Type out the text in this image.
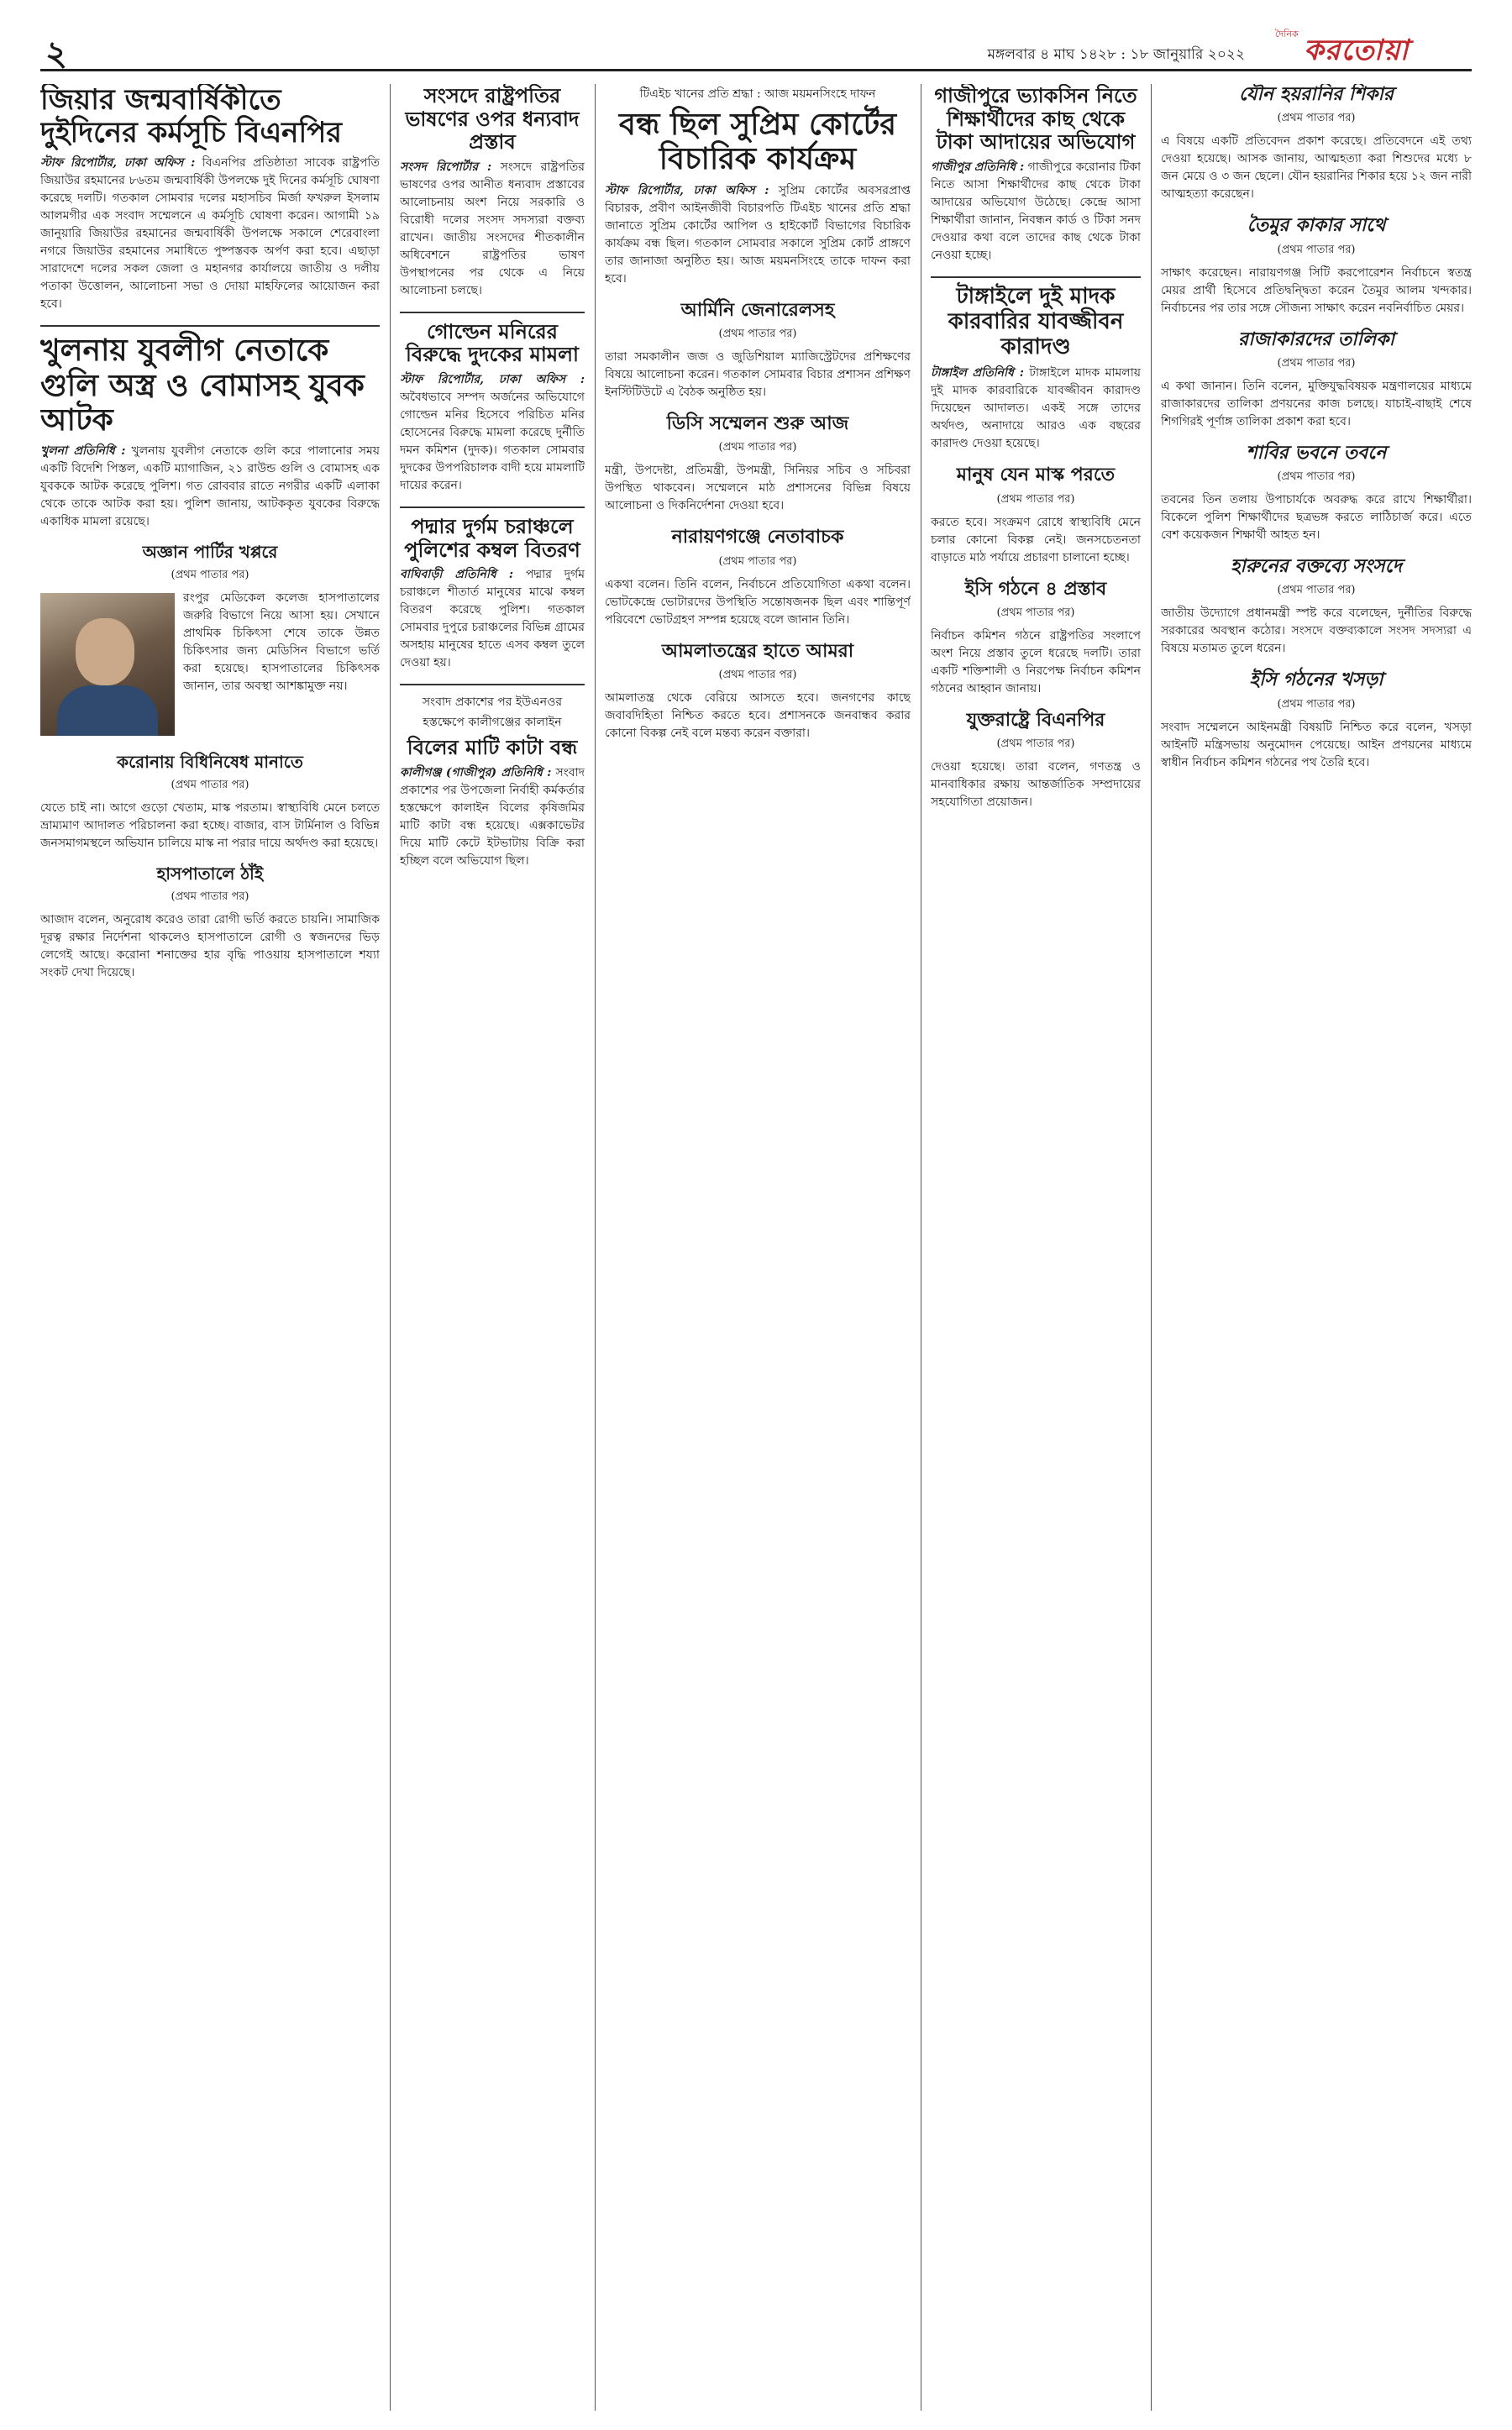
২	মঙ্গলবার ৪ মাঘ ১৪২৮ : ১৮ জানুয়ারি ২০২২
দৈনিক করতোয়া
জিয়ার জন্মবার্ষিকীতে দুইদিনের কর্মসূচি বিএনপির

স্টাফ রিপোর্টার, ঢাকা অফিস : বিএনপির প্রতিষ্ঠাতা সাবেক রাষ্ট্রপতি জিয়াউর রহমানের ৮৬তম জন্মবার্ষিকী উপলক্ষে দুই দিনের কর্মসূচি ঘোষণা করেছে দলটি। গতকাল সোমবার দলের মহাসচিব মির্জা ফখরুল ইসলাম আলমগীর এক সংবাদ সম্মেলনে এ কর্মসূচি ঘোষণা করেন। আগামী ১৯ জানুয়ারি জিয়াউর রহমানের জন্মবার্ষিকী উপলক্ষে সকালে শেরেবাংলা নগরে জিয়াউর রহমানের সমাধিতে পুষ্পস্তবক অর্পণ করা হবে। এছাড়া সারাদেশে দলের সকল জেলা ও মহানগর কার্যালয়ে জাতীয় ও দলীয় পতাকা উত্তোলন, আলোচনা সভা ও দোয়া মাহফিলের আয়োজন করা হবে।

খুলনায় যুবলীগ নেতাকে গুলি অস্ত্র ও বোমাসহ যুবক আটক

খুলনা প্রতিনিধি : খুলনায় যুবলীগ নেতাকে গুলি করে পালানোর সময় একটি বিদেশি পিস্তল, একটি ম্যাগাজিন, ২১ রাউন্ড গুলি ও বোমাসহ এক যুবককে আটক করেছে পুলিশ। গত রোববার রাতে নগরীর একটি এলাকা থেকে তাকে আটক করা হয়। পুলিশ জানায়, আটককৃত যুবকের বিরুদ্ধে একাধিক মামলা রয়েছে।

অজ্ঞান পার্টির খপ্পরে
(প্রথম পাতার পর)

রংপুর মেডিকেল কলেজ হাসপাতালের জরুরি বিভাগে নিয়ে আসা হয়। সেখানে প্রাথমিক চিকিৎসা শেষে তাকে উন্নত চিকিৎসার জন্য মেডিসিন বিভাগে ভর্তি করা হয়েছে। হাসপাতালের চিকিৎসক জানান, তার অবস্থা আশঙ্কামুক্ত নয়।

করোনায় বিধিনিষেধ মানাতে
(প্রথম পাতার পর)

যেতে চাই না। আগে গুড়ো খেতাম, মাস্ক পরতাম। স্বাস্থ্যবিধি মেনে চলতে ভ্রাম্যমাণ আদালত পরিচালনা করা হচ্ছে। বাজার, বাস টার্মিনাল ও বিভিন্ন জনসমাগমস্থলে অভিযান চালিয়ে মাস্ক না পরার দায়ে অর্থদণ্ড করা হয়েছে।

হাসপাতালে ঠাঁই
(প্রথম পাতার পর)

আজাদ বলেন, অনুরোধ করেও তারা রোগী ভর্তি করতে চায়নি। সামাজিক দূরত্ব রক্ষার নির্দেশনা থাকলেও হাসপাতালে রোগী ও স্বজনদের ভিড় লেগেই আছে। করোনা শনাক্তের হার বৃদ্ধি পাওয়ায় হাসপাতালে শয্যা সংকট দেখা দিয়েছে।

সংসদে রাষ্ট্রপতির ভাষণের ওপর ধন্যবাদ প্রস্তাব

সংসদ রিপোর্টার : সংসদে রাষ্ট্রপতির ভাষণের ওপর আনীত ধন্যবাদ প্রস্তাবের আলোচনায় অংশ নিয়ে সরকারি ও বিরোধী দলের সংসদ সদস্যরা বক্তব্য রাখেন। জাতীয় সংসদের শীতকালীন অধিবেশনে রাষ্ট্রপতির ভাষণ উপস্থাপনের পর থেকে এ নিয়ে আলোচনা চলছে।

গোল্ডেন মনিরের বিরুদ্ধে দুদকের মামলা

স্টাফ রিপোর্টার, ঢাকা অফিস : অবৈধভাবে সম্পদ অর্জনের অভিযোগে গোল্ডেন মনির হিসেবে পরিচিত মনির হোসেনের বিরুদ্ধে মামলা করেছে দুর্নীতি দমন কমিশন (দুদক)। গতকাল সোমবার দুদকের উপপরিচালক বাদী হয়ে মামলাটি দায়ের করেন।

পদ্মার দুর্গম চরাঞ্চলে পুলিশের কম্বল বিতরণ

বাঘিবাড়ী প্রতিনিধি : পদ্মার দুর্গম চরাঞ্চলে শীতার্ত মানুষের মাঝে কম্বল বিতরণ করেছে পুলিশ। গতকাল সোমবার দুপুরে চরাঞ্চলের বিভিন্ন গ্রামের অসহায় মানুষের হাতে এসব কম্বল তুলে দেওয়া হয়।

সংবাদ প্রকাশের পর ইউএনওর হস্তক্ষেপে কালীগঞ্জের কালাইন
বিলের মাটি কাটা বন্ধ

কালীগঞ্জ (গাজীপুর) প্রতিনিধি : সংবাদ প্রকাশের পর উপজেলা নির্বাহী কর্মকর্তার হস্তক্ষেপে কালাইন বিলের কৃষিজমির মাটি কাটা বন্ধ হয়েছে। এক্সকাভেটর দিয়ে মাটি কেটে ইটভাটায় বিক্রি করা হচ্ছিল বলে অভিযোগ ছিল।

টিএইচ খানের প্রতি শ্রদ্ধা : আজ ময়মনসিংহে দাফন
বন্ধ ছিল সুপ্রিম কোর্টের বিচারিক কার্যক্রম

স্টাফ রিপোর্টার, ঢাকা অফিস : সুপ্রিম কোর্টের অবসরপ্রাপ্ত বিচারক, প্রবীণ আইনজীবী বিচারপতি টিএইচ খানের প্রতি শ্রদ্ধা জানাতে সুপ্রিম কোর্টের আপিল ও হাইকোর্ট বিভাগের বিচারিক কার্যক্রম বন্ধ ছিল। গতকাল সোমবার সকালে সুপ্রিম কোর্ট প্রাঙ্গণে তার জানাজা অনুষ্ঠিত হয়। আজ ময়মনসিংহে তাকে দাফন করা হবে।

আর্মিনি জেনারেলসহ
(প্রথম পাতার পর)

তারা সমকালীন জজ ও জুডিশিয়াল ম্যাজিস্ট্রেটদের প্রশিক্ষণের বিষয়ে আলোচনা করেন। গতকাল সোমবার বিচার প্রশাসন প্রশিক্ষণ ইনস্টিটিউটে এ বৈঠক অনুষ্ঠিত হয়।

ডিসি সম্মেলন শুরু আজ
(প্রথম পাতার পর)

মন্ত্রী, উপদেষ্টা, প্রতিমন্ত্রী, উপমন্ত্রী, সিনিয়র সচিব ও সচিবরা উপস্থিত থাকবেন। সম্মেলনে মাঠ প্রশাসনের বিভিন্ন বিষয়ে আলোচনা ও দিকনির্দেশনা দেওয়া হবে।

নারায়ণগঞ্জে নেতাবাচক
(প্রথম পাতার পর)

একথা বলেন। তিনি বলেন, নির্বাচনে প্রতিযোগিতা একথা বলেন। ভোটকেন্দ্রে ভোটারদের উপস্থিতি সন্তোষজনক ছিল এবং শান্তিপূর্ণ পরিবেশে ভোটগ্রহণ সম্পন্ন হয়েছে বলে জানান তিনি।

আমলাতন্ত্রের হাতে আমরা
(প্রথম পাতার পর)

আমলাতন্ত্র থেকে বেরিয়ে আসতে হবে। জনগণের কাছে জবাবদিহিতা নিশ্চিত করতে হবে। প্রশাসনকে জনবান্ধব করার কোনো বিকল্প নেই বলে মন্তব্য করেন বক্তারা।

গাজীপুরে ভ্যাকসিন নিতে শিক্ষার্থীদের কাছ থেকে টাকা আদায়ের অভিযোগ

গাজীপুর প্রতিনিধি : গাজীপুরে করোনার টিকা নিতে আসা শিক্ষার্থীদের কাছ থেকে টাকা আদায়ের অভিযোগ উঠেছে। কেন্দ্রে আসা শিক্ষার্থীরা জানান, নিবন্ধন কার্ড ও টিকা সনদ দেওয়ার কথা বলে তাদের কাছ থেকে টাকা নেওয়া হচ্ছে।

টাঙ্গাইলে দুই মাদক কারবারির যাবজ্জীবন কারাদণ্ড

টাঙ্গাইল প্রতিনিধি : টাঙ্গাইলে মাদক মামলায় দুই মাদক কারবারিকে যাবজ্জীবন কারাদণ্ড দিয়েছেন আদালত। একই সঙ্গে তাদের অর্থদণ্ড, অনাদায়ে আরও এক বছরের কারাদণ্ড দেওয়া হয়েছে।

মানুষ যেন মাস্ক পরতে
(প্রথম পাতার পর)

করতে হবে। সংক্রমণ রোধে স্বাস্থ্যবিধি মেনে চলার কোনো বিকল্প নেই। জনসচেতনতা বাড়াতে মাঠ পর্যায়ে প্রচারণা চালানো হচ্ছে।

ইসি গঠনে ৪ প্রস্তাব
(প্রথম পাতার পর)

নির্বাচন কমিশন গঠনে রাষ্ট্রপতির সংলাপে অংশ নিয়ে প্রস্তাব তুলে ধরেছে দলটি। তারা একটি শক্তিশালী ও নিরপেক্ষ নির্বাচন কমিশন গঠনের আহ্বান জানায়।

যুক্তরাষ্ট্রে বিএনপির
(প্রথম পাতার পর)

দেওয়া হয়েছে। তারা বলেন, গণতন্ত্র ও মানবাধিকার রক্ষায় আন্তর্জাতিক সম্প্রদায়ের সহযোগিতা প্রয়োজন।

যৌন হয়রানির শিকার
(প্রথম পাতার পর)

এ বিষয়ে একটি প্রতিবেদন প্রকাশ করেছে। প্রতিবেদনে এই তথ্য দেওয়া হয়েছে। আসক জানায়, আত্মহত্যা করা শিশুদের মধ্যে ৮ জন মেয়ে ও ৩ জন ছেলে। যৌন হয়রানির শিকার হয়ে ১২ জন নারী আত্মহত্যা করেছেন।

তৈমুর কাকার সাথে
(প্রথম পাতার পর)

সাক্ষাৎ করেছেন। নারায়ণগঞ্জ সিটি করপোরেশন নির্বাচনে স্বতন্ত্র মেয়র প্রার্থী হিসেবে প্রতিদ্বন্দ্বিতা করেন তৈমুর আলম খন্দকার। নির্বাচনের পর তার সঙ্গে সৌজন্য সাক্ষাৎ করেন নবনির্বাচিত মেয়র।

রাজাকারদের তালিকা
(প্রথম পাতার পর)

এ কথা জানান। তিনি বলেন, মুক্তিযুদ্ধবিষয়ক মন্ত্রণালয়ের মাধ্যমে রাজাকারদের তালিকা প্রণয়নের কাজ চলছে। যাচাই-বাছাই শেষে শিগগিরই পূর্ণাঙ্গ তালিকা প্রকাশ করা হবে।

শাবির ভবনে তবনে
(প্রথম পাতার পর)

তবনের তিন তলায় উপাচার্যকে অবরুদ্ধ করে রাখে শিক্ষার্থীরা। বিকেলে পুলিশ শিক্ষার্থীদের ছত্রভঙ্গ করতে লাঠিচার্জ করে। এতে বেশ কয়েকজন শিক্ষার্থী আহত হন।

হারুনের বক্তব্যে সংসদে
(প্রথম পাতার পর)

জাতীয় উদ্যোগে প্রধানমন্ত্রী স্পষ্ট করে বলেছেন, দুর্নীতির বিরুদ্ধে সরকারের অবস্থান কঠোর। সংসদে বক্তব্যকালে সংসদ সদস্যরা এ বিষয়ে মতামত তুলে ধরেন।

ইসি গঠনের খসড়া
(প্রথম পাতার পর)

সংবাদ সম্মেলনে আইনমন্ত্রী বিষয়টি নিশ্চিত করে বলেন, খসড়া আইনটি মন্ত্রিসভায় অনুমোদন পেয়েছে। আইন প্রণয়নের মাধ্যমে স্বাধীন নির্বাচন কমিশন গঠনের পথ তৈরি হবে।
